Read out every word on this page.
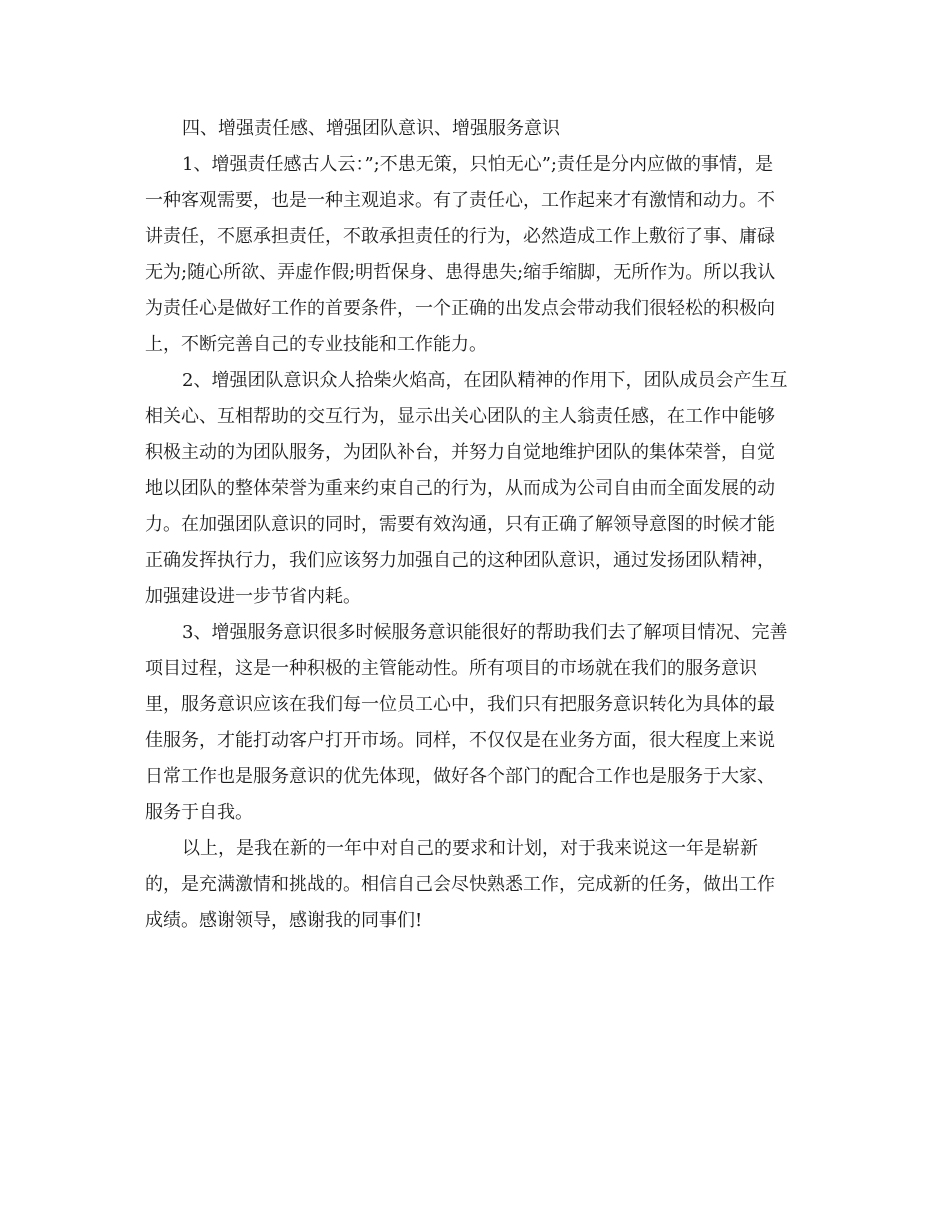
四、增强责任感、增强团队意识、增强服务意识
1、增强责任感古人云：”;不患无策，只怕无心”;责任是分内应做的事情，是
一种客观需要，也是一种主观追求。有了责任心，工作起来才有激情和动力。不
讲责任，不愿承担责任，不敢承担责任的行为，必然造成工作上敷衍了事、庸碌
无为;随心所欲、弄虚作假;明哲保身、患得患失;缩手缩脚，无所作为。所以我认
为责任心是做好工作的首要条件，一个正确的出发点会带动我们很轻松的积极向
上，不断完善自己的专业技能和工作能力。
2、增强团队意识众人拾柴火焰高，在团队精神的作用下，团队成员会产生互
相关心、互相帮助的交互行为，显示出关心团队的主人翁责任感，在工作中能够
积极主动的为团队服务，为团队补台，并努力自觉地维护团队的集体荣誉，自觉
地以团队的整体荣誉为重来约束自己的行为，从而成为公司自由而全面发展的动
力。在加强团队意识的同时，需要有效沟通，只有正确了解领导意图的时候才能
正确发挥执行力，我们应该努力加强自己的这种团队意识，通过发扬团队精神，
加强建设进一步节省内耗。
3、增强服务意识很多时候服务意识能很好的帮助我们去了解项目情况、完善
项目过程，这是一种积极的主管能动性。所有项目的市场就在我们的服务意识
里，服务意识应该在我们每一位员工心中，我们只有把服务意识转化为具体的最
佳服务，才能打动客户打开市场。同样，不仅仅是在业务方面，很大程度上来说
日常工作也是服务意识的优先体现，做好各个部门的配合工作也是服务于大家、
服务于自我。
以上，是我在新的一年中对自己的要求和计划，对于我来说这一年是崭新
的，是充满激情和挑战的。相信自己会尽快熟悉工作，完成新的任务，做出工作
成绩。感谢领导，感谢我的同事们!
